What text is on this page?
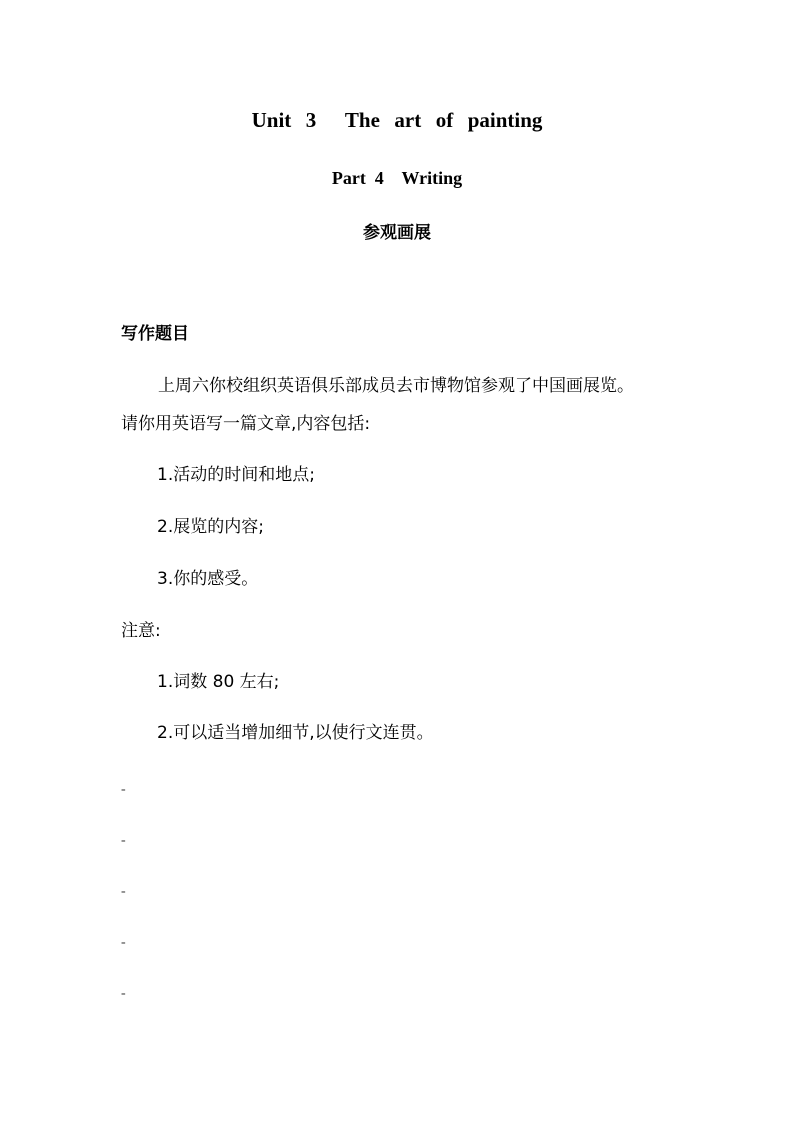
Unit  3    The  art  of  painting
Part  4    Writing
参观画展
写作题目
上周六你校组织英语俱乐部成员去市博物馆参观了中国画展览。
请你用英语写一篇文章,内容包括:
1.活动的时间和地点;
2.展览的内容;
3.你的感受。
注意:
1.词数 80 左右;
2.可以适当增加细节,以使行文连贯。
-
-
-
-
-
